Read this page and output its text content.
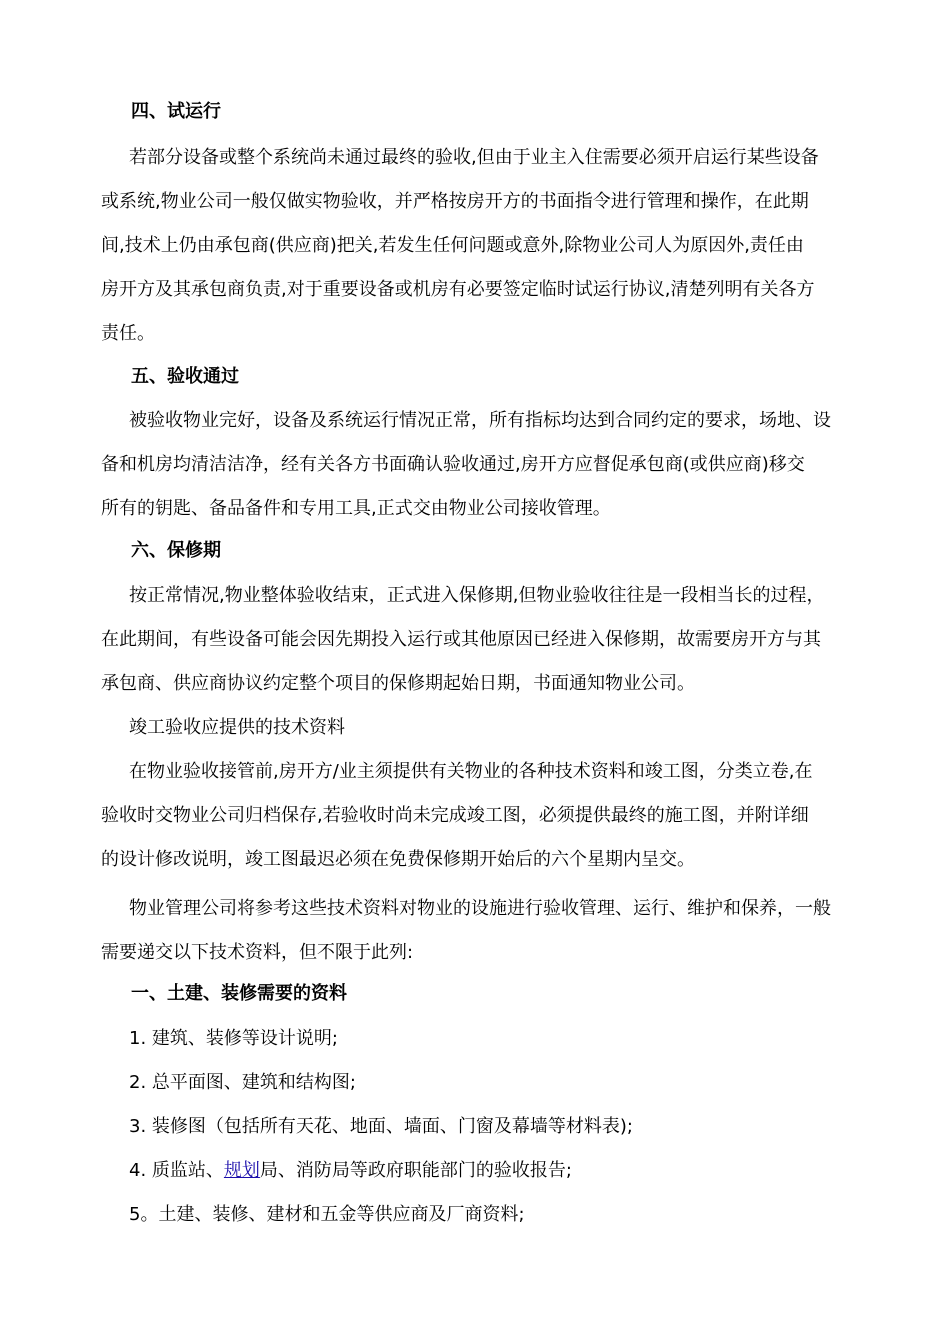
四、试运行
若部分设备或整个系统尚未通过最终的验收,但由于业主入住需要必须开启运行某些设备
或系统,物业公司一般仅做实物验收，并严格按房开方的书面指令进行管理和操作，在此期
间,技术上仍由承包商(供应商)把关,若发生任何问题或意外,除物业公司人为原因外,责任由
房开方及其承包商负责,对于重要设备或机房有必要签定临时试运行协议,清楚列明有关各方
责任。
五、验收通过
被验收物业完好，设备及系统运行情况正常，所有指标均达到合同约定的要求，场地、设
备和机房均清洁洁净，经有关各方书面确认验收通过,房开方应督促承包商(或供应商)移交
所有的钥匙、备品备件和专用工具,正式交由物业公司接收管理。
六、保修期
按正常情况,物业整体验收结束，正式进入保修期,但物业验收往往是一段相当长的过程，
在此期间，有些设备可能会因先期投入运行或其他原因已经进入保修期，故需要房开方与其
承包商、供应商协议约定整个项目的保修期起始日期，书面通知物业公司。
竣工验收应提供的技术资料
在物业验收接管前,房开方/业主须提供有关物业的各种技术资料和竣工图，分类立卷,在
验收时交物业公司归档保存,若验收时尚未完成竣工图，必须提供最终的施工图，并附详细
的设计修改说明，竣工图最迟必须在免费保修期开始后的六个星期内呈交。
物业管理公司将参考这些技术资料对物业的设施进行验收管理、运行、维护和保养，一般
需要递交以下技术资料，但不限于此列:
一、土建、装修需要的资料
1. 建筑、装修等设计说明;
2. 总平面图、建筑和结构图;
3. 装修图（包括所有天花、地面、墙面、门窗及幕墙等材料表);
4. 质监站、规划局、消防局等政府职能部门的验收报告;
5。土建、装修、建材和五金等供应商及厂商资料;
